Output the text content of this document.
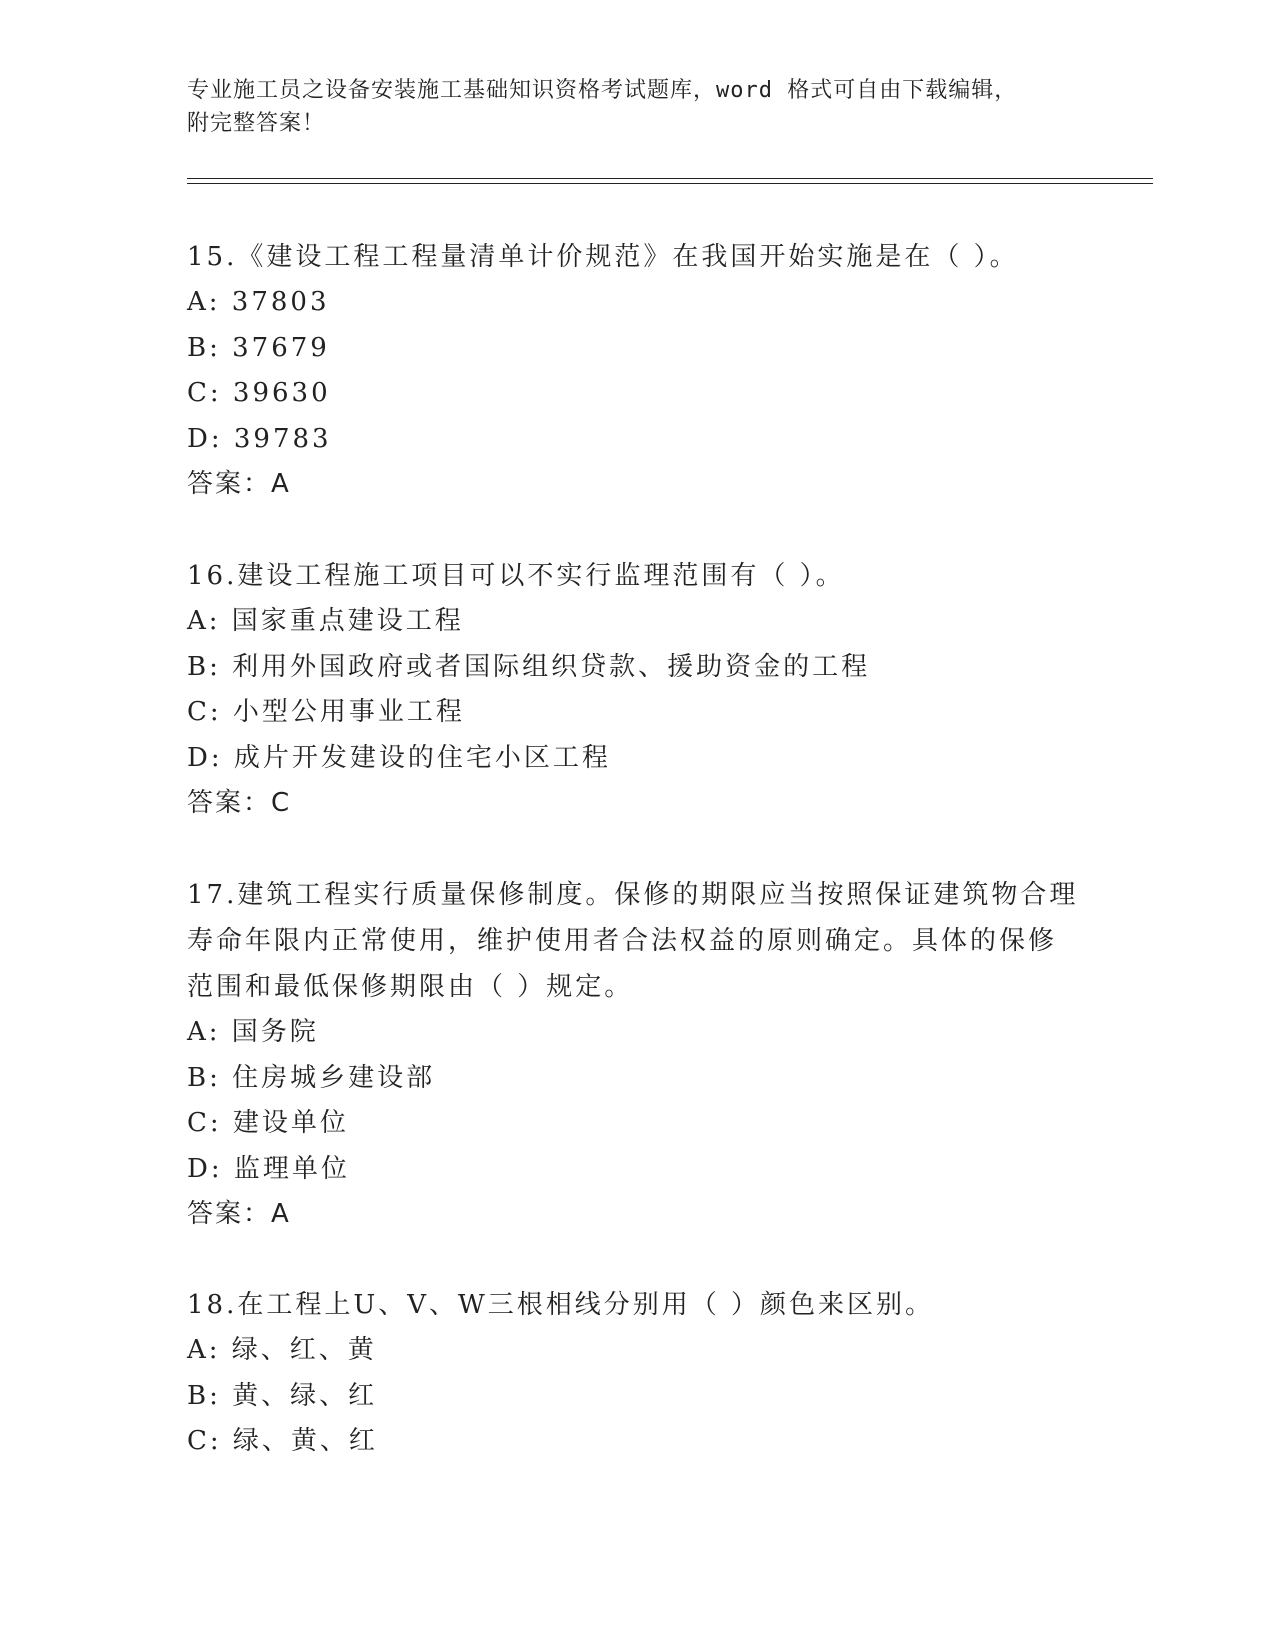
专业施工员之设备安装施工基础知识资格考试题库，word 格式可自由下载编辑，
附完整答案！
15.《建设工程工程量清单计价规范》在我国开始实施是在（ ）。
A: 37803
B: 37679
C: 39630
D: 39783
答案：A
16.建设工程施工项目可以不实行监理范围有（ ）。
A: 国家重点建设工程
B: 利用外国政府或者国际组织贷款、援助资金的工程
C: 小型公用事业工程
D: 成片开发建设的住宅小区工程
答案：C
17.建筑工程实行质量保修制度。保修的期限应当按照保证建筑物合理
寿命年限内正常使用，维护使用者合法权益的原则确定。具体的保修
范围和最低保修期限由（ ）规定。
A: 国务院
B: 住房城乡建设部
C: 建设单位
D: 监理单位
答案：A
18.在工程上U、V、W三根相线分别用（ ）颜色来区别。
A: 绿、红、黄
B: 黄、绿、红
C: 绿、黄、红
